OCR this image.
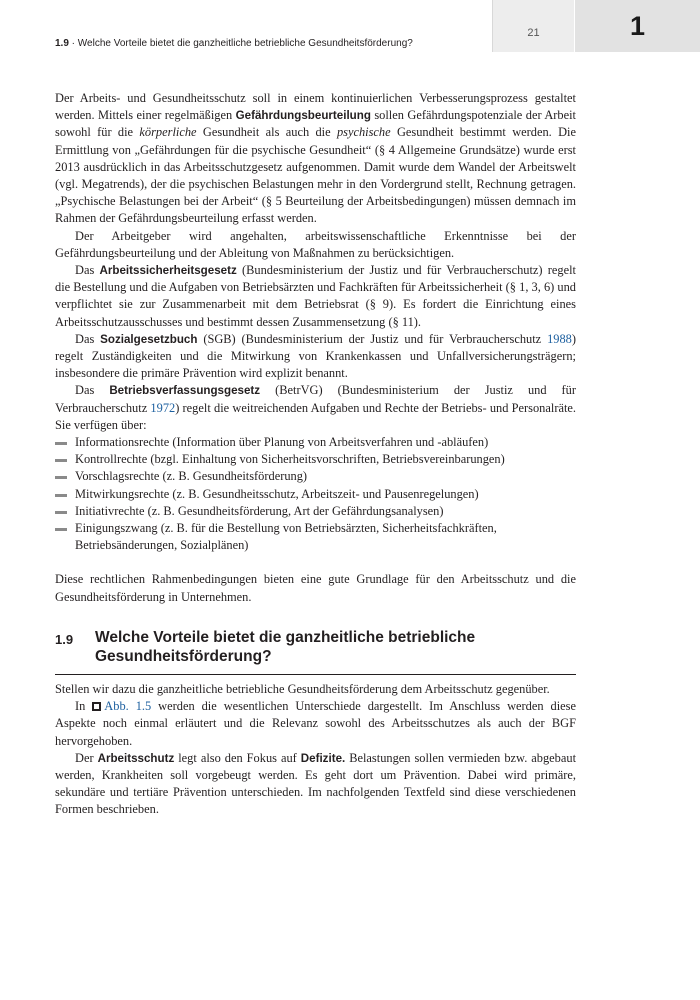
1.9 · Welche Vorteile bietet die ganzheitliche betriebliche Gesundheitsförderung?
21	1

Der Arbeits- und Gesundheitsschutz soll in einem kontinuierlichen Verbesserungsprozess gestaltet werden. Mittels einer regelmäßigen Gefährdungsbeurteilung sollen Gefährdungspotenziale der Arbeit sowohl für die körperliche Gesundheit als auch die psychische Gesundheit bestimmt werden. Die Ermittlung von „Gefährdungen für die psychische Gesundheit“ (§ 4 Allgemeine Grundsätze) wurde erst 2013 ausdrücklich in das Arbeitsschutzgesetz aufgenommen. Damit wurde dem Wandel der Arbeitswelt (vgl. Megatrends), der die psychischen Belastungen mehr in den Vordergrund stellt, Rechnung getragen. „Psychische Belastungen bei der Arbeit“ (§ 5 Beurteilung der Arbeitsbedingungen) müssen demnach im Rahmen der Gefährdungsbeurteilung erfasst werden.

Der Arbeitgeber wird angehalten, arbeitswissenschaftliche Erkenntnisse bei der Gefährdungsbeurteilung und der Ableitung von Maßnahmen zu berücksichtigen.

Das Arbeitssicherheitsgesetz (Bundesministerium der Justiz und für Verbraucherschutz) regelt die Bestellung und die Aufgaben von Betriebsärzten und Fachkräften für Arbeitssicherheit (§ 1, 3, 6) und verpflichtet sie zur Zusammenarbeit mit dem Betriebsrat (§ 9). Es fordert die Einrichtung eines Arbeitsschutzausschusses und bestimmt dessen Zusammensetzung (§ 11).

Das Sozialgesetzbuch (SGB) (Bundesministerium der Justiz und für Verbraucherschutz 1988) regelt Zuständigkeiten und die Mitwirkung von Krankenkassen und Unfallversicherungsträgern; insbesondere die primäre Prävention wird explizit benannt.

Das Betriebsverfassungsgesetz (BetrVG) (Bundesministerium der Justiz und für Verbraucherschutz 1972) regelt die weitreichenden Aufgaben und Rechte der Betriebs- und Personalräte. Sie verfügen über:

Informationsrechte (Information über Planung von Arbeitsverfahren und -abläufen)
Kontrollrechte (bzgl. Einhaltung von Sicherheitsvorschriften, Betriebsvereinbarungen)
Vorschlagsrechte (z. B. Gesundheitsförderung)
Mitwirkungsrechte (z. B. Gesundheitsschutz, Arbeitszeit- und Pausenregelungen)
Initiativrechte (z. B. Gesundheitsförderung, Art der Gefährdungsanalysen)
Einigungszwang (z. B. für die Bestellung von Betriebsärzten, Sicherheitsfachkräften, Betriebsänderungen, Sozialplänen)

Diese rechtlichen Rahmenbedingungen bieten eine gute Grundlage für den Arbeitsschutz und die Gesundheitsförderung in Unternehmen.

1.9 Welche Vorteile bietet die ganzheitliche betriebliche Gesundheitsförderung?

Stellen wir dazu die ganzheitliche betriebliche Gesundheitsförderung dem Arbeitsschutz gegenüber.

In Abb. 1.5 werden die wesentlichen Unterschiede dargestellt. Im Anschluss werden diese Aspekte noch einmal erläutert und die Relevanz sowohl des Arbeitsschutzes als auch der BGF hervorgehoben.

Der Arbeitsschutz legt also den Fokus auf Defizite. Belastungen sollen vermieden bzw. abgebaut werden, Krankheiten soll vorgebeugt werden. Es geht dort um Prävention. Dabei wird primäre, sekundäre und tertiäre Prävention unterschieden. Im nachfolgenden Textfeld sind diese verschiedenen Formen beschrieben.
